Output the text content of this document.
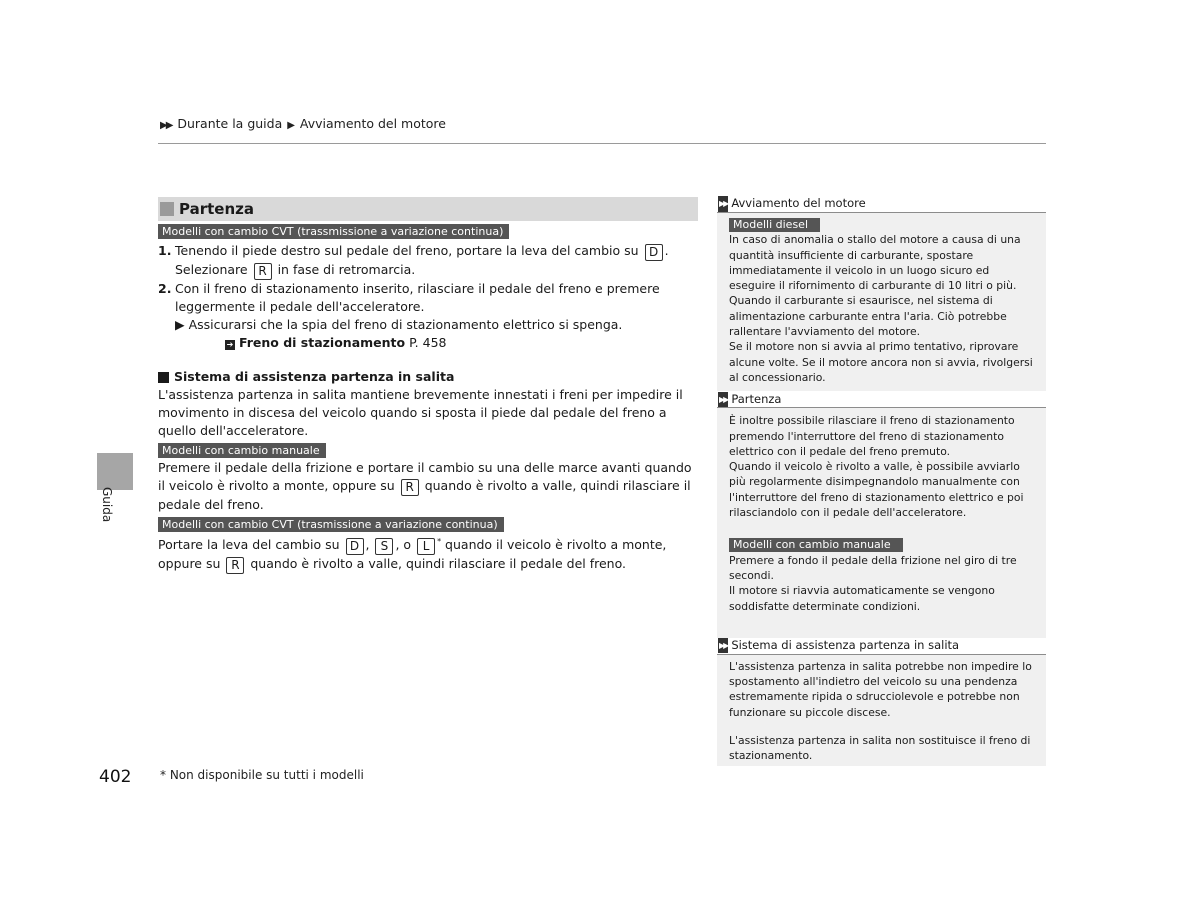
▶▶ Durante la guida ▶ Avviamento del motore
Partenza
Modelli con cambio CVT (trassmissione a variazione continua)
1. Tenendo il piede destro sul pedale del freno, portare la leva del cambio su D .
Selezionare R in fase di retromarcia.
2. Con il freno di stazionamento inserito, rilasciare il pedale del freno e premere leggermente il pedale dell'acceleratore.
▶ Assicurarsi che la spia del freno di stazionamento elettrico si spenga.
➔ Freno di stazionamento P. 458
Sistema di assistenza partenza in salita

L'assistenza partenza in salita mantiene brevemente innestati i freni per impedire il movimento in discesa del veicolo quando si sposta il piede dal pedale del freno a quello dell'acceleratore.

Modelli con cambio manuale

Premere il pedale della frizione e portare il cambio su una delle marce avanti quando il veicolo è rivolto a monte, oppure su R quando è rivolto a valle, quindi rilasciare il pedale del freno.

Modelli con cambio CVT (trasmissione a variazione continua)

Portare la leva del cambio su D , S , o L * quando il veicolo è rivolto a monte, oppure su R quando è rivolto a valle, quindi rilasciare il pedale del freno.

Guida
402 * Non disponibile su tutti i modelli
▶▶ Avviamento del motore
Modelli diesel

In caso di anomalia o stallo del motore a causa di una quantità insufficiente di carburante, spostare immediatamente il veicolo in un luogo sicuro ed eseguire il rifornimento di carburante di 10 litri o più.

Quando il carburante si esaurisce, nel sistema di alimentazione carburante entra l'aria. Ciò potrebbe rallentare l'avviamento del motore.

Se il motore non si avvia al primo tentativo, riprovare alcune volte. Se il motore ancora non si avvia, rivolgersi al concessionario.

▶▶ Partenza

È inoltre possibile rilasciare il freno di stazionamento premendo l'interruttore del freno di stazionamento elettrico con il pedale del freno premuto.

Quando il veicolo è rivolto a valle, è possibile avviarlo più regolarmente disimpegnandolo manualmente con l'interruttore del freno di stazionamento elettrico e poi rilasciandolo con il pedale dell'acceleratore.

Modelli con cambio manuale

Premere a fondo il pedale della frizione nel giro di tre secondi.

Il motore si riavvia automaticamente se vengono soddisfatte determinate condizioni.

▶▶ Sistema di assistenza partenza in salita

L'assistenza partenza in salita potrebbe non impedire lo spostamento all'indietro del veicolo su una pendenza estremamente ripida o sdrucciolevole e potrebbe non funzionare su piccole discese.

L'assistenza partenza in salita non sostituisce il freno di stazionamento.
